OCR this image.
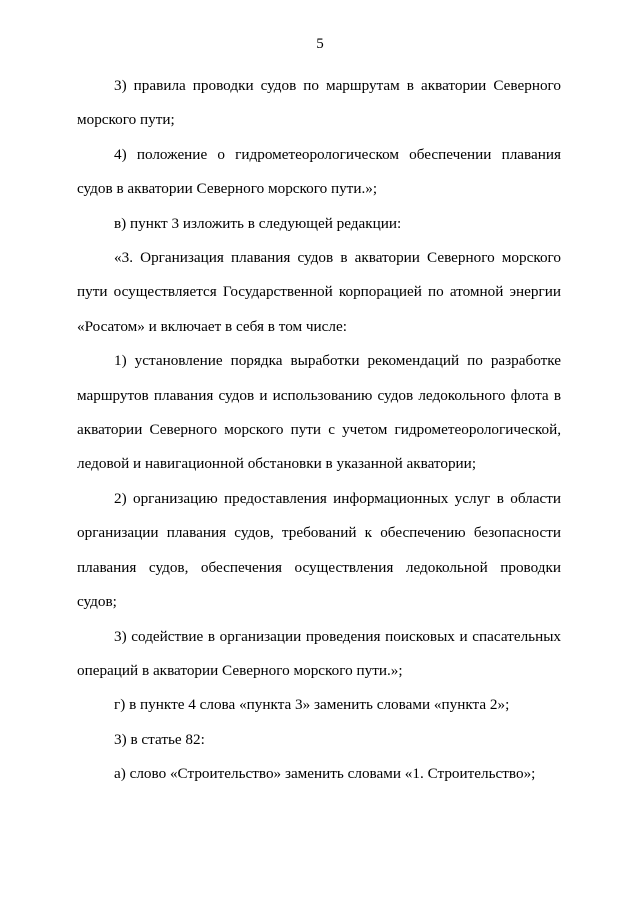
5

3) правила проводки судов по маршрутам в акватории Северного морского пути;

4) положение о гидрометеорологическом обеспечении плавания судов в акватории Северного морского пути.»;

в) пункт 3 изложить в следующей редакции:

«3. Организация плавания судов в акватории Северного морского пути осуществляется Государственной корпорацией по атомной энергии «Росатом» и включает в себя в том числе:

1) установление порядка выработки рекомендаций по разработке маршрутов плавания судов и использованию судов ледокольного флота в акватории Северного морского пути с учетом гидрометеорологической, ледовой и навигационной обстановки в указанной акватории;

2) организацию предоставления информационных услуг в области организации плавания судов, требований к обеспечению безопасности плавания судов, обеспечения осуществления ледокольной проводки судов;

3) содействие в организации проведения поисковых и спасательных операций в акватории Северного морского пути.»;

г) в пункте 4 слова «пункта 3» заменить словами «пункта 2»;

3) в статье 82:

а) слово «Строительство» заменить словами «1. Строительство»;
